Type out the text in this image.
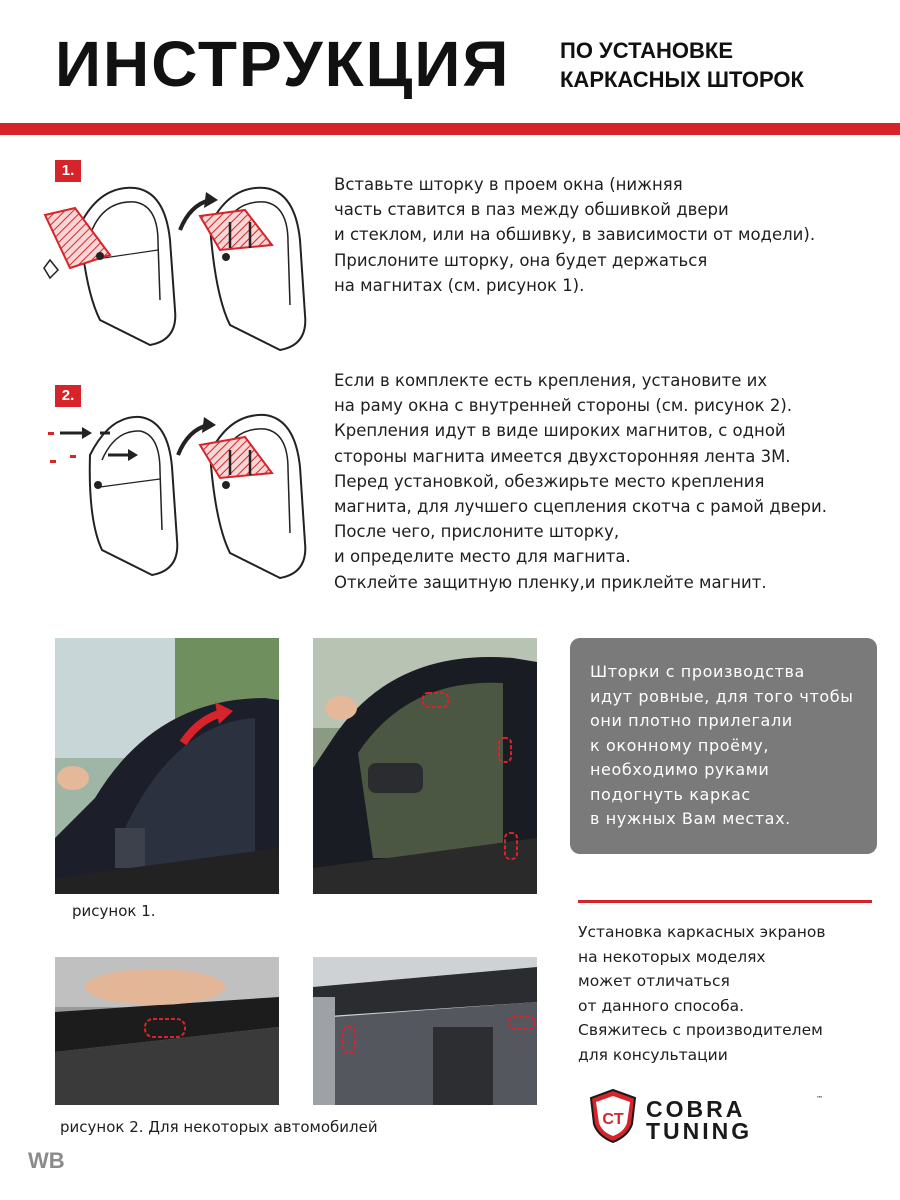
ИНСТРУКЦИЯ ПО УСТАНОВКЕ
КАРКАСНЫХ ШТОРОК
1.
Вставьте шторку в проем окна (нижняя
часть ставится в паз между обшивкой двери
и стеклом, или на обшивку, в зависимости от модели).
Прислоните шторку, она будет держаться
на магнитах (см. рисунок 1).
2.
Если в комплекте есть крепления, установите их
на раму окна с внутренней стороны (см. рисунок 2).
Крепления идут в виде широких магнитов, с одной
стороны магнита имеется двухсторонняя лента 3М.
Перед установкой, обезжирьте место крепления
магнита, для лучшего сцепления скотча с рамой двери.
После чего, прислоните шторку,
и определите место для магнита.
Отклейте защитную пленку,и приклейте магнит.
рисунок 1.
Шторки с производства
идут ровные, для того чтобы
они плотно прилегали
к оконному проёму,
необходимо руками
подогнуть каркас
в нужных Вам местах.
рисунок 2. Для некоторых автомобилей
Установка каркасных экранов
на некоторых моделях
может отличаться
от данного способа.
Свяжитесь с производителем
для консультации
CT COBRA
TUNING
™
WB
